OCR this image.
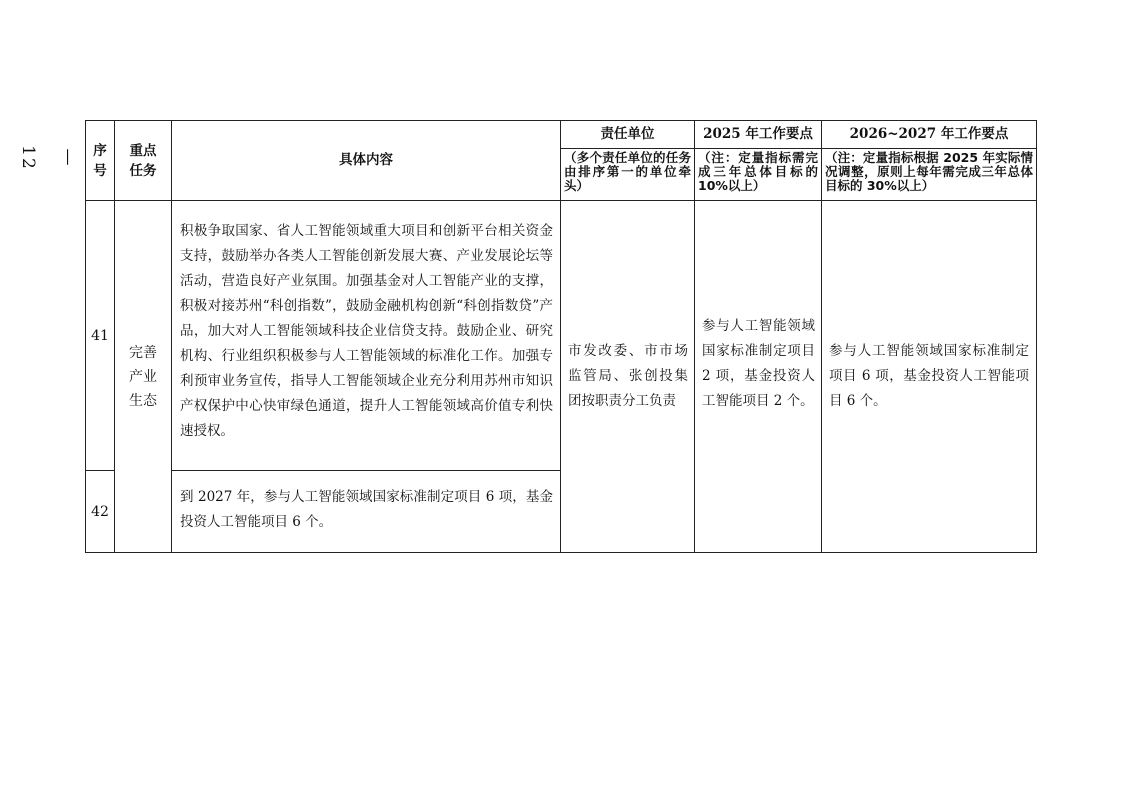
— 12	序
号
重点
任务
具体内容
责任单位
（多个责任单位的任务由排序第一的单位牵头）
2025 年工作要点
（注：定量指标需完成三年总体目标的 10%以上）
2026~2027 年工作要点
（注：定量指标根据 2025 年实际情况调整，原则上每年需完成三年总体目标的 30%以上）
41
积极争取国家、省人工智能领域重大项目和创新平台相关资金支持，鼓励举办各类人工智能创新发展大赛、产业发展论坛等活动，营造良好产业氛围。加强基金对人工智能产业的支撑，积极对接苏州“科创指数”，鼓励金融机构创新“科创指数贷”产品，加大对人工智能领域科技企业信贷支持。鼓励企业、研究机构、行业组织积极参与人工智能领域的标准化工作。加强专利预审业务宣传，指导人工智能领域企业充分利用苏州市知识产权保护中心快审绿色通道，提升人工智能领域高价值专利快速授权。
42
到 2027 年，参与人工智能领域国家标准制定项目 6 项，基金投资人工智能项目 6 个。
完善
产业
生态
市发改委、市市场监管局、张创投集团按职责分工负责
参与人工智能领域国家标准制定项目 2 项，基金投资人工智能项目 2 个。
参与人工智能领域国家标准制定项目 6 项，基金投资人工智能项目 6 个。
